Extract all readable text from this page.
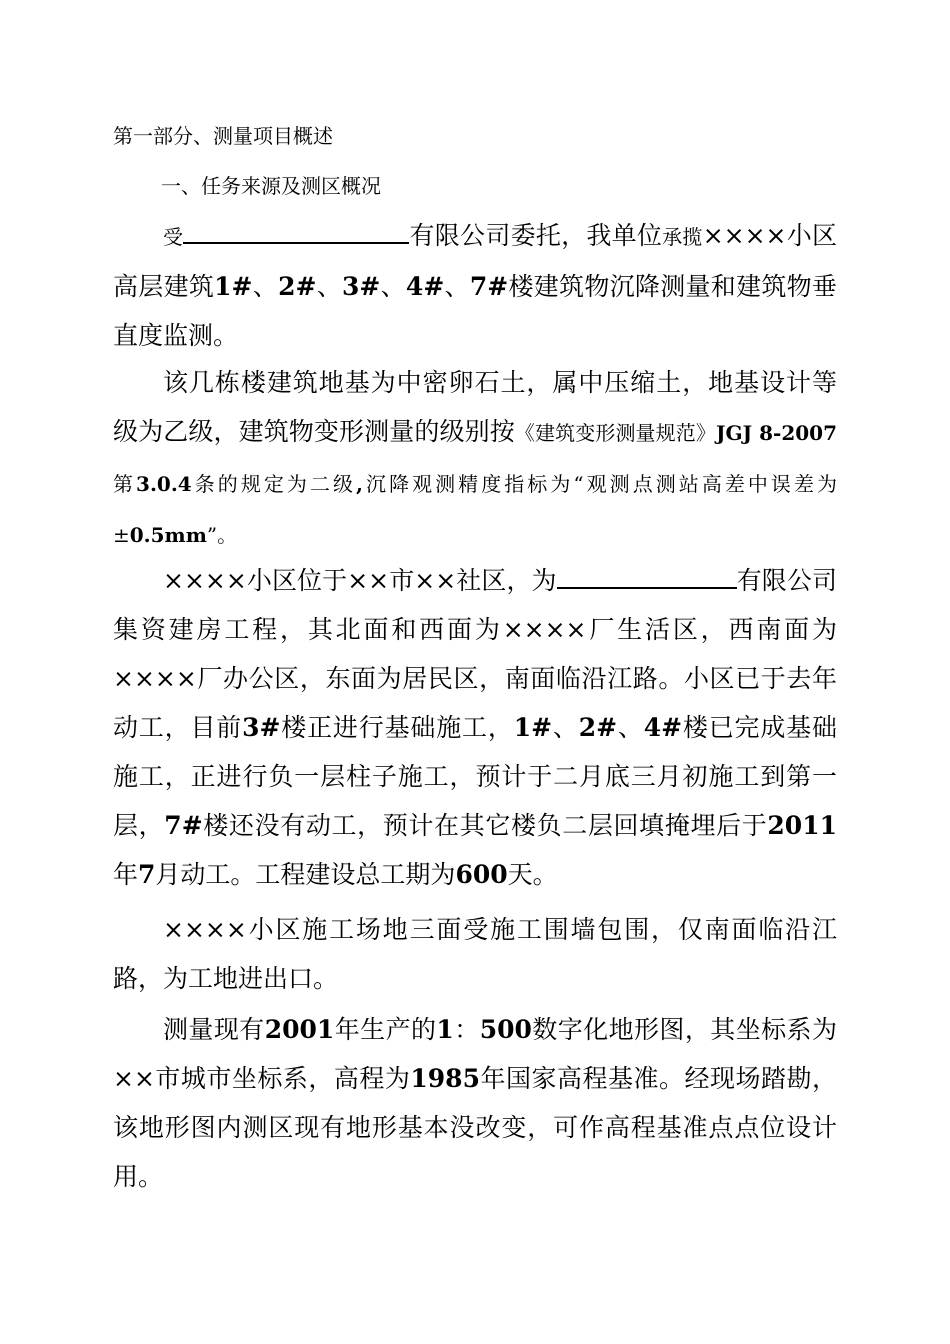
第一部分、测量项目概述
一、任务来源及测区概况
受	有限公司委托，我单位承揽××××小区高层建筑1#、2#、3#、4#、7#楼建筑物沉降测量和建筑物垂直度监测。
该几栋楼建筑地基为中密卵石土，属中压缩土，地基设计等级为乙级，建筑物变形测量的级别按《建筑变形测量规范》JGJ 8-2007第3.0.4条的规定为二级,沉降观测精度指标为“观测点测站高差中误差为±0.5mm”。
××××小区位于××市××社区，为	有限公司集资建房工程，其北面和西面为××××厂生活区，西南面为××××厂办公区，东面为居民区，南面临沿江路。小区已于去年动工，目前3#楼正进行基础施工，1#、2#、4#楼已完成基础施工，正进行负一层柱子施工，预计于二月底三月初施工到第一层，7#楼还没有动工，预计在其它楼负二层回填掩埋后于2011年7月动工。工程建设总工期为600天。
××××小区施工场地三面受施工围墙包围，仅南面临沿江路，为工地进出口。
测量现有2001年生产的1：500数字化地形图，其坐标系为××市城市坐标系，高程为1985年国家高程基准。经现场踏勘，该地形图内测区现有地形基本没改变，可作高程基准点点位设计用。
